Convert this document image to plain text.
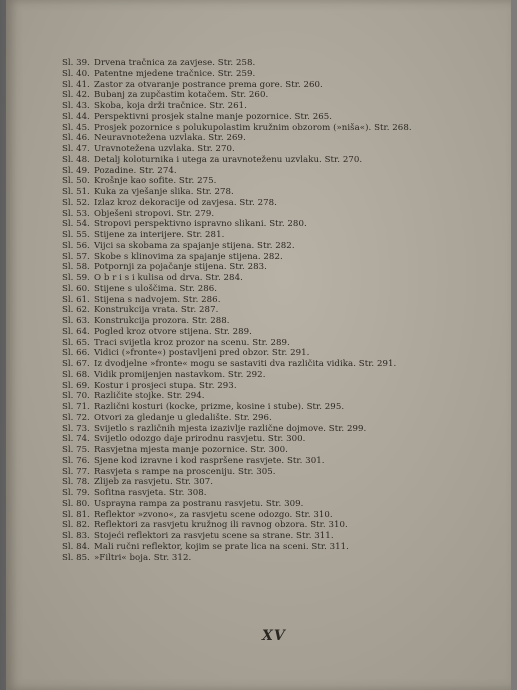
Sl. 39. Drvena tračnica za zavjese. Str. 258.
Sl. 40. Patentne mjedene tračnice. Str. 259.
Sl. 41. Zastor za otvaranje postrance prema gore. Str. 260.
Sl. 42. Bubanj za zupčastim kotačem. Str. 260.
Sl. 43. Skoba, koja drži tračnice. Str. 261.
Sl. 44. Perspektivni prosjek stalne manje pozornice. Str. 265.
Sl. 45. Prosjek pozornice s polukupolastim kružnim obzorom (»niša«). Str. 268.
Sl. 46. Neuravnotežena uzvlaka. Str. 269.
Sl. 47. Uravnotežena uzvlaka. Str. 270.
Sl. 48. Detalj koloturnika i utega za uravnoteženu uzvlaku. Str. 270.
Sl. 49. Pozadine. Str. 274.
Sl. 50. Krošnje kao sofite. Str. 275.
Sl. 51. Kuka za vješanje slika. Str. 278.
Sl. 52. Izlaz kroz dekoracije od zavjesa. Str. 278.
Sl. 53. Obješeni stropovi. Str. 279.
Sl. 54. Stropovi perspektivno ispravno slikani. Str. 280.
Sl. 55. Stijene za interijere. Str. 281.
Sl. 56. Vijci sa skobama za spajanje stijena. Str. 282.
Sl. 57. Skobe s klinovima za spajanje stijena. 282.
Sl. 58. Potpornji za pojačanje stijena. Str. 283.
Sl. 59. O b r i s i kulisa od drva. Str. 284.
Sl. 60. Stijene s uloščima. Str. 286.
Sl. 61. Stijena s nadvojem. Str. 286.
Sl. 62. Konstrukcija vrata. Str. 287.
Sl. 63. Konstrukcija prozora. Str. 288.
Sl. 64. Pogled kroz otvore stijena. Str. 289.
Sl. 65. Traci svijetla kroz prozor na scenu. Str. 289.
Sl. 66. Vidici (»fronte«) postavljeni pred obzor. Str. 291.
Sl. 67. Iz dvodjelne »fronte« mogu se sastaviti dva različita vidika. Str. 291.
Sl. 68. Vidik promijenjen nastavkom. Str. 292.
Sl. 69. Kostur i prosjeci stupa. Str. 293.
Sl. 70. Različite stojke. Str. 294.
Sl. 71. Različni kosturi (kocke, prizme, kosine i stube). Str. 295.
Sl. 72. Otvori za gledanje u gledalište. Str. 296.
Sl. 73. Svijetlo s različnih mjesta izazivlje različne dojmove. Str. 299.
Sl. 74. Svijetlo odozgo daje prirodnu rasvjetu. Str. 300.
Sl. 75. Rasvjetna mjesta manje pozornice. Str. 300.
Sl. 76. Sjene kod izravne i kod raspršene rasvjete. Str. 301.
Sl. 77. Rasvjeta s rampe na prosceniju. Str. 305.
Sl. 78. Zlijeb za rasvjetu. Str. 307.
Sl. 79. Sofitna rasvjeta. Str. 308.
Sl. 80. Usprayna rampa za postranu rasvjetu. Str. 309.
Sl. 81. Reflektor »zvono«, za rasvjetu scene odozgo. Str. 310.
Sl. 82. Reflektori za rasvjetu kružnog ili ravnog obzora. Str. 310.
Sl. 83. Stojeći reflektori za rasvjetu scene sa strane. Str. 311.
Sl. 84. Mali ručni reflektor, kojim se prate lica na sceni. Str. 311.
Sl. 85. »Filtri« boja. Str. 312.
XV
